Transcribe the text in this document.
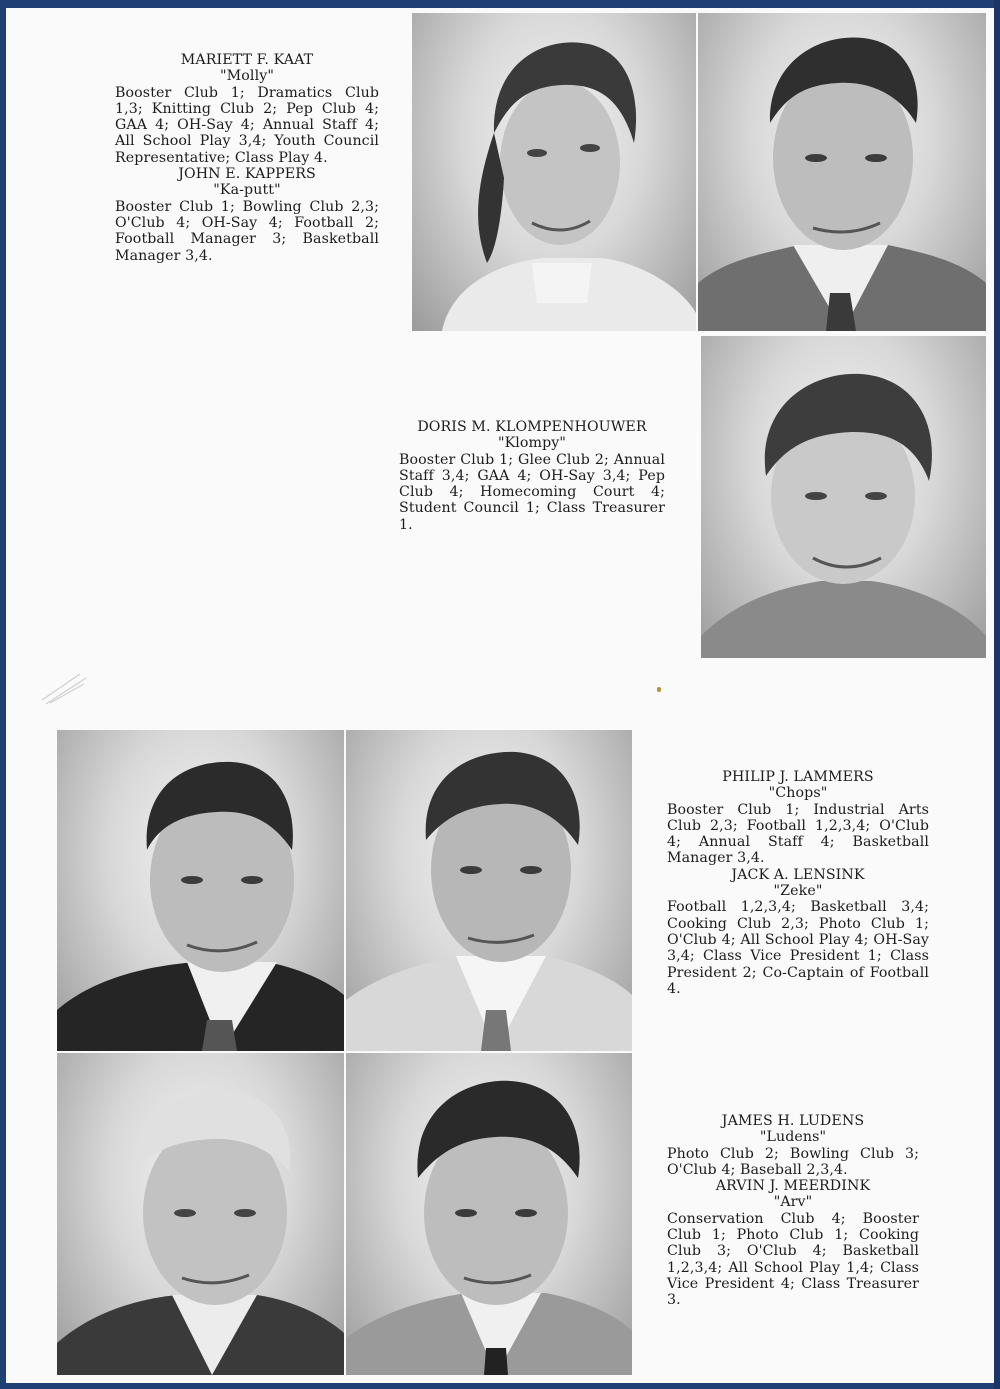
MARIETT F. KAAT
"Molly"
Booster Club 1; Dramatics Club 1,3; Knitting Club 2; Pep Club 4; GAA 4; OH-Say 4; Annual Staff 4; All School Play 3,4; Youth Council Representative; Class Play 4.
JOHN E. KAPPERS
"Ka-putt"
Booster Club 1; Bowling Club 2,3; O'Club 4; OH-Say 4; Football 2; Football Manager 3; Basketball Manager 3,4.
DORIS M. KLOMPENHOUWER
"Klompy"
Booster Club 1; Glee Club 2; Annual Staff 3,4; GAA 4; OH-Say 3,4; Pep Club 4; Homecoming Court 4; Student Council 1; Class Treasurer 1.
PHILIP J. LAMMERS
"Chops"
Booster Club 1; Industrial Arts Club 2,3; Football 1,2,3,4; O'Club 4; Annual Staff 4; Basketball Manager 3,4.
JACK A. LENSINK
"Zeke"
Football 1,2,3,4; Basketball 3,4; Cooking Club 2,3; Photo Club 1; O'Club 4; All School Play 4; OH-Say 3,4; Class Vice President 1; Class President 2; Co-Captain of Football 4.
JAMES H. LUDENS
"Ludens"
Photo Club 2; Bowling Club 3; O'Club 4; Baseball 2,3,4.
ARVIN J. MEERDINK
"Arv"
Conservation Club 4; Booster Club 1; Photo Club 1; Cooking Club 3; O'Club 4; Basketball 1,2,3,4; All School Play 1,4; Class Vice President 4; Class Treasurer 3.
